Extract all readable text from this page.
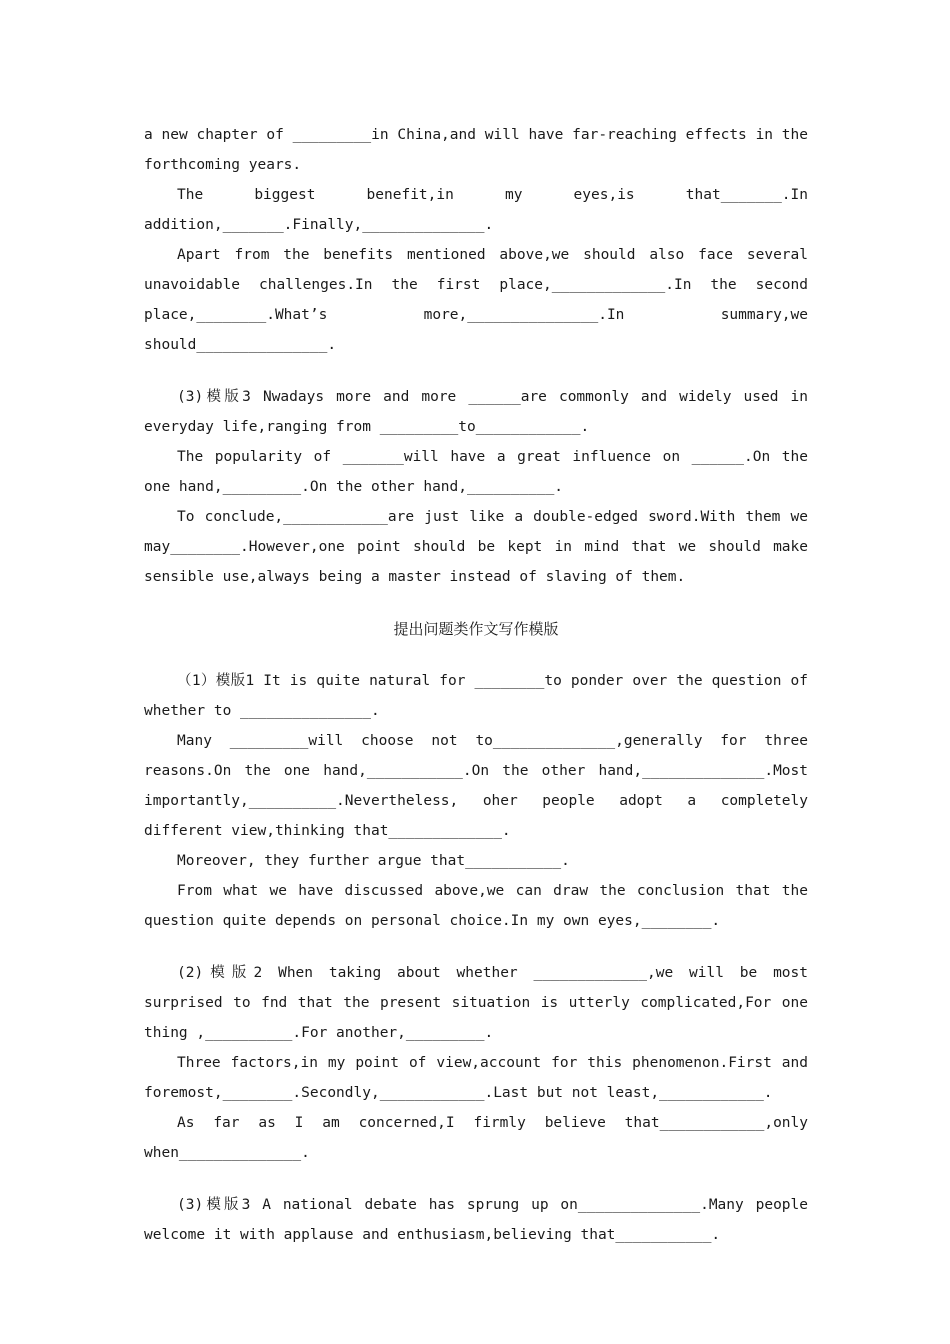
a new chapter of _________in China,and will have far-reaching effects in the forthcoming years.

The biggest benefit,in my eyes,is that_______.In addition,_______.Finally,______________.

Apart from the benefits mentioned above,we should also face several unavoidable challenges.In the first place,_____________.In the second place,________.What’s more,_______________.In summary,we should_______________.

(3)模版3 Nwadays more and more ______are commonly and widely used in everyday life,ranging from _________to____________.

The popularity of _______will have a great influence on ______.On the one hand,_________.On the other hand,__________.

To conclude,____________are just like a double-edged sword.With them we may________.However,one point should be kept in mind that we should make sensible use,always being a master instead of slaving of them.

提出问题类作文写作模版

（1）模版1 It is quite natural for ________to ponder over the question of whether to _______________.

Many _________will choose not to______________,generally for three reasons.On the one hand,___________.On the other hand,______________.Most importantly,__________.Nevertheless, oher people adopt a completely different view,thinking that_____________.

Moreover, they further argue that___________.

From what we have discussed above,we can draw the conclusion that the question quite depends on personal choice.In my own eyes,________.

(2)模版2 When taking about whether _____________,we will be most surprised to fnd that the present situation is utterly complicated,For one thing ,__________.For another,_________.

Three factors,in my point of view,account for this phenomenon.First and foremost,________.Secondly,____________.Last but not least,____________.

As far as I am concerned,I firmly believe that____________,only when______________.

(3)模版3 A national debate has sprung up on______________.Many people welcome it with applause and enthusiasm,believing that___________.
